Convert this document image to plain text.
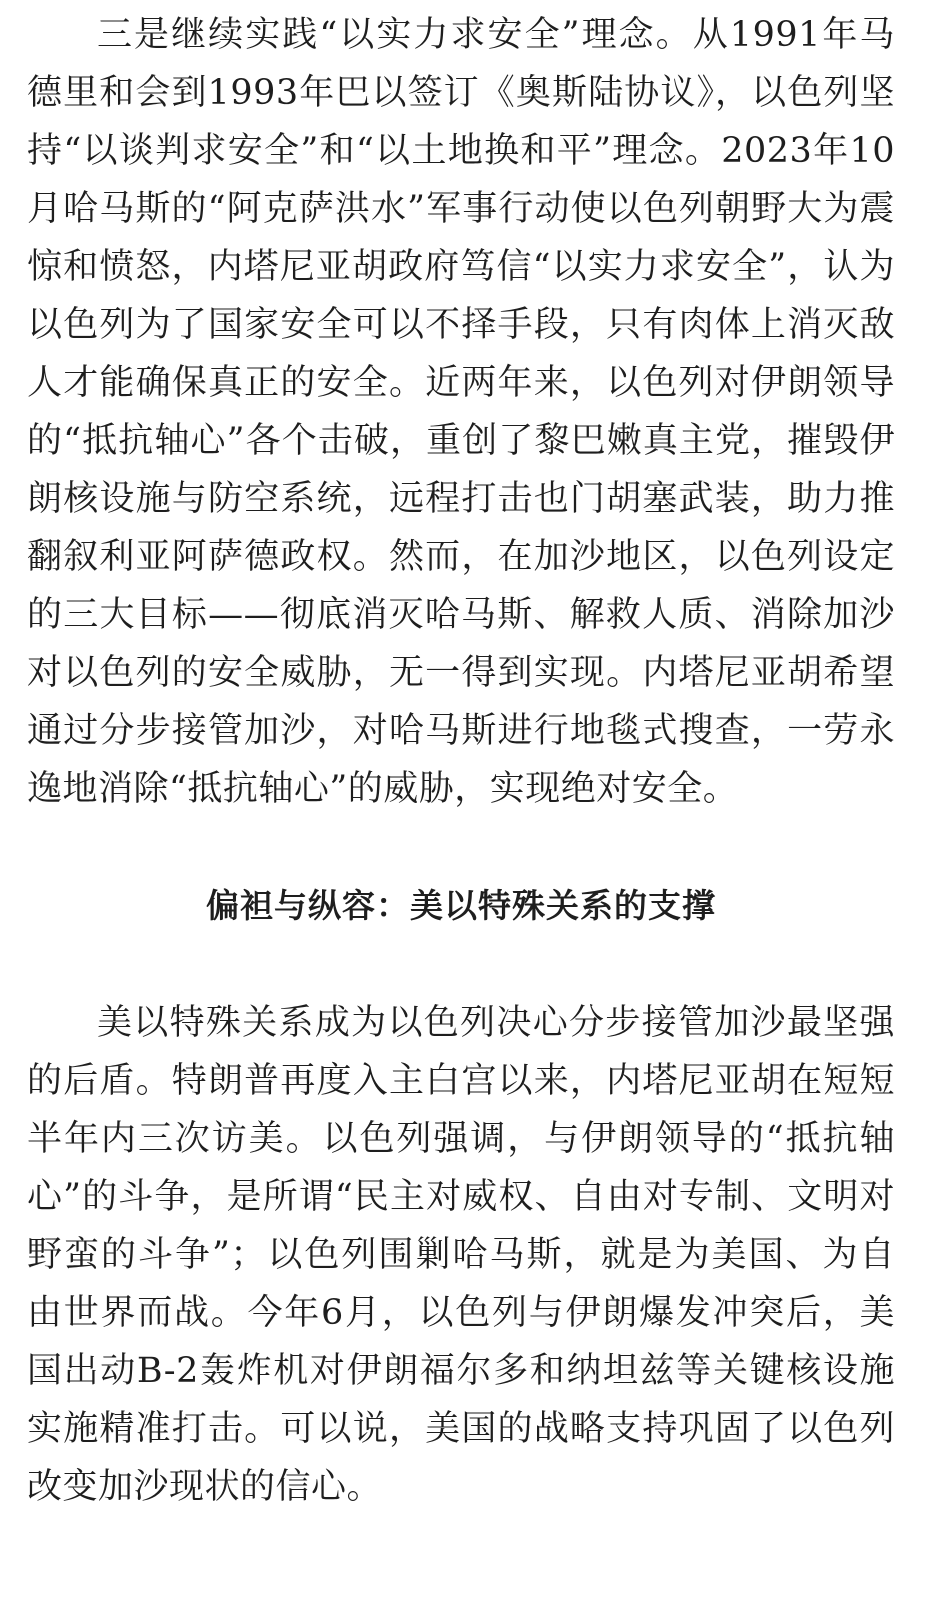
三是继续实践“以实力求安全”理念。从1991年马德里和会到1993年巴以签订《奥斯陆协议》，以色列坚持“以谈判求安全”和“以土地换和平”理念。2023年10月哈马斯的“阿克萨洪水”军事行动使以色列朝野大为震惊和愤怒，内塔尼亚胡政府笃信“以实力求安全”，认为以色列为了国家安全可以不择手段，只有肉体上消灭敌人才能确保真正的安全。近两年来，以色列对伊朗领导的“抵抗轴心”各个击破，重创了黎巴嫩真主党，摧毁伊朗核设施与防空系统，远程打击也门胡塞武装，助力推翻叙利亚阿萨德政权。然而，在加沙地区，以色列设定的三大目标——彻底消灭哈马斯、解救人质、消除加沙对以色列的安全威胁，无一得到实现。内塔尼亚胡希望通过分步接管加沙，对哈马斯进行地毯式搜查，一劳永逸地消除“抵抗轴心”的威胁，实现绝对安全。

偏袒与纵容：美以特殊关系的支撑

美以特殊关系成为以色列决心分步接管加沙最坚强的后盾。特朗普再度入主白宫以来，内塔尼亚胡在短短半年内三次访美。以色列强调，与伊朗领导的“抵抗轴心”的斗争，是所谓“民主对威权、自由对专制、文明对野蛮的斗争”；以色列围剿哈马斯，就是为美国、为自由世界而战。今年6月，以色列与伊朗爆发冲突后，美国出动B-2轰炸机对伊朗福尔多和纳坦兹等关键核设施实施精准打击。可以说，美国的战略支持巩固了以色列改变加沙现状的信心。
